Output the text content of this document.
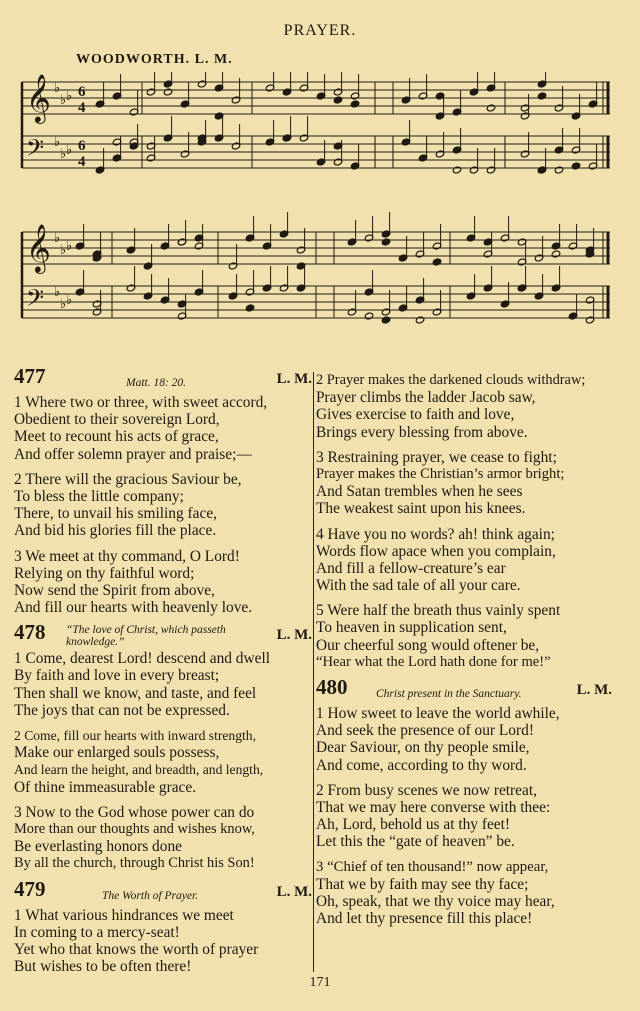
PRAYER.
WOODWORTH. L. M.
𝄞 ♭
♭ ♭ 6
4
𝄢 ♭
♭ ♭ 6
4
𝄞 ♭
♭ ♭
𝄢 ♭
♭ ♭
477	Matt. 18: 20.	L. M.
1 Where two or three, with sweet accord,
Obedient to their sovereign Lord,
Meet to recount his acts of grace,
And offer solemn prayer and praise;—
2 There will the gracious Saviour be,
To bless the little company;
There, to unvail his smiling face,
And bid his glories fill the place.
3 We meet at thy command, O Lord!
Relying on thy faithful word;
Now send the Spirit from above,
And fill our hearts with heavenly love.
478 “The love of Christ, which passeth knowledge.”	L. M.
1 Come, dearest Lord! descend and dwell
By faith and love in every breast;
Then shall we know, and taste, and feel
The joys that can not be expressed.
2 Come, fill our hearts with inward strength,
Make our enlarged souls possess,
And learn the height, and breadth, and length,
Of thine immeasurable grace.
3 Now to the God whose power can do
More than our thoughts and wishes know,
Be everlasting honors done
By all the church, through Christ his Son!
479	The Worth of Prayer.	L. M.
1 What various hindrances we meet
In coming to a mercy-seat!
Yet who that knows the worth of prayer
But wishes to be often there!
2 Prayer makes the darkened clouds withdraw;
Prayer climbs the ladder Jacob saw,
Gives exercise to faith and love,
Brings every blessing from above.
3 Restraining prayer, we cease to fight;
Prayer makes the Christian’s armor bright;
And Satan trembles when he sees
The weakest saint upon his knees.
4 Have you no words? ah! think again;
Words flow apace when you complain,
And fill a fellow-creature’s ear
With the sad tale of all your care.
5 Were half the breath thus vainly spent
To heaven in supplication sent,
Our cheerful song would oftener be,
“Hear what the Lord hath done for me!”
480 Christ present in the Sanctuary.	L. M.
1 How sweet to leave the world awhile,
And seek the presence of our Lord!
Dear Saviour, on thy people smile,
And come, according to thy word.
2 From busy scenes we now retreat,
That we may here converse with thee:
Ah, Lord, behold us at thy feet!
Let this the “gate of heaven” be.
3 “Chief of ten thousand!” now appear,
That we by faith may see thy face;
Oh, speak, that we thy voice may hear,
And let thy presence fill this place!
171
